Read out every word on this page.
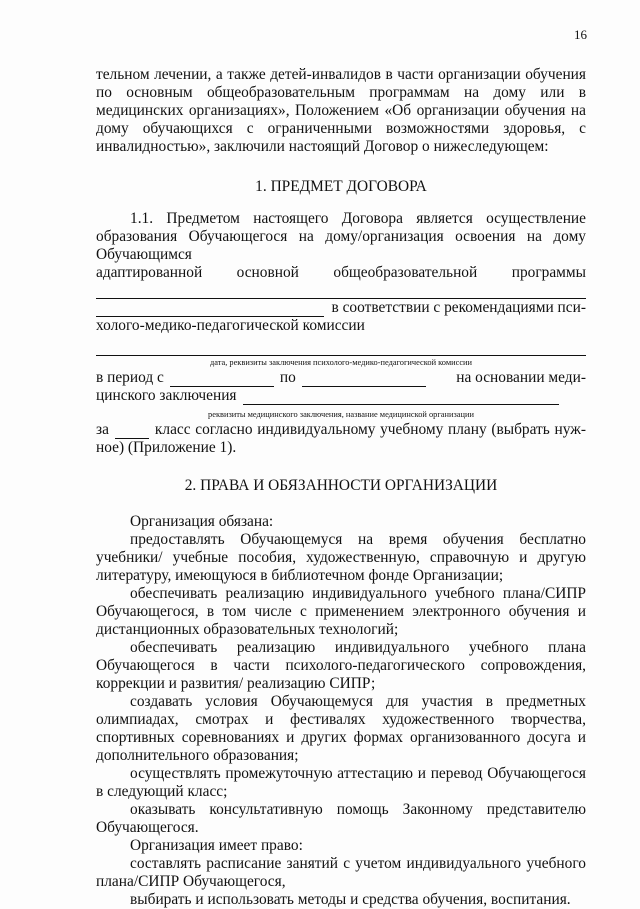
16

тельном лечении, а также детей-инвалидов в части организации обучения по основным общеобразовательным программам на дому или в медицинских организациях», Положением «Об организации обучения на дому обучающихся с ограниченными возможностями здоровья, с инвалидностью», заключили настоящий Договор о нижеследующем:

1. ПРЕДМЕТ ДОГОВОРА

1.1. Предметом настоящего Договора является осуществление образования Обучающегося на дому/организация освоения на дому Обучающимся

адаптированной основной общеобразовательной программы
в соответствии с рекомендациями пси-

холого-медико-педагогической комиссии

дата, реквизиты заключения психолого-медико-педагогической комиссии
в период с	по	на основании меди-
цинского заключения
реквизиты медицинского заключения, название медицинской организации
за	класс согласно индивидуальному учебному плану (выбрать нуж-

ное) (Приложение 1).

2. ПРАВА И ОБЯЗАННОСТИ ОРГАНИЗАЦИИ

Организация обязана:

предоставлять Обучающемуся на время обучения бесплатно учебники/ учебные пособия, художественную, справочную и другую литературу, имеющуюся в библиотечном фонде Организации;

обеспечивать реализацию индивидуального учебного плана/СИПР Обучающегося, в том числе с применением электронного обучения и дистанционных образовательных технологий;

обеспечивать реализацию индивидуального учебного плана Обучающегося в части психолого-педагогического сопровождения, коррекции и развития/ реализацию СИПР;

создавать условия Обучающемуся для участия в предметных олимпиадах, смотрах и фестивалях художественного творчества, спортивных соревнованиях и других формах организованного досуга и дополнительного образования;

осуществлять промежуточную аттестацию и перевод Обучающегося в следующий класс;

оказывать консультативную помощь Законному представителю Обучающегося.

Организация имеет право:

составлять расписание занятий с учетом индивидуального учебного плана/СИПР Обучающегося,

выбирать и использовать методы и средства обучения, воспитания.
